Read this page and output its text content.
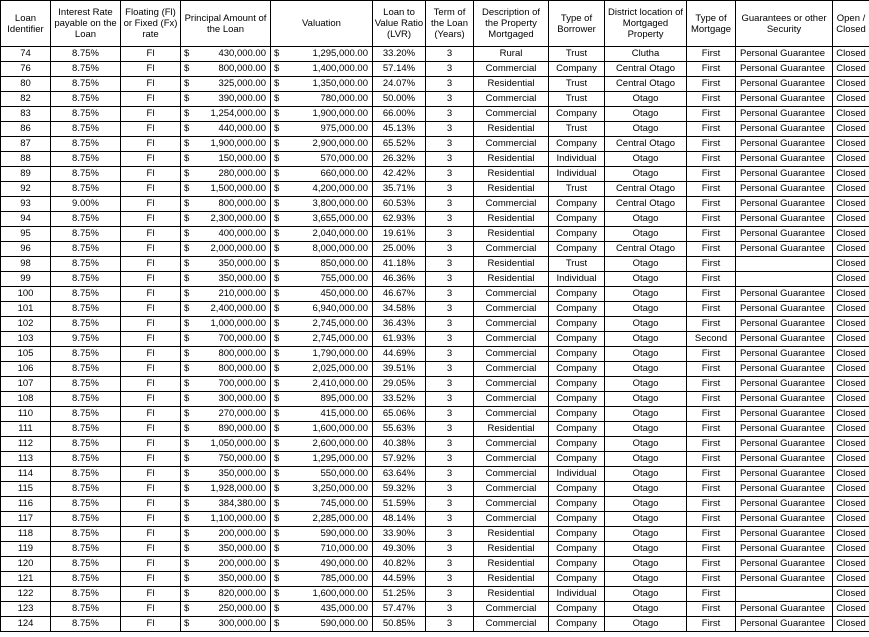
Loan Identifier	Interest Rate payable on the Loan	Floating (Fl) or Fixed (Fx) rate	Principal Amount of the Loan		Valuation		Loan to Value Ratio (LVR)	Term of the Loan (Years)	Description of the Property Mortgaged	Type of Borrower	District location of Mortgaged Property	Type of Mortgage	Guarantees or other Security	Open / Closed
74	8.75%	Fl	$	430,000.00	$	1,295,000.00	33.20%	3	Rural	Trust	Clutha	First	Personal Guarantee	Closed
76	8.75%	Fl	$	800,000.00	$	1,400,000.00	57.14%	3	Commercial	Company	Central Otago	First	Personal Guarantee	Closed
80	8.75%	Fl	$	325,000.00	$	1,350,000.00	24.07%	3	Residential	Trust	Central Otago	First	Personal Guarantee	Closed
82	8.75%	Fl	$	390,000.00	$	780,000.00	50.00%	3	Commercial	Trust	Otago	First	Personal Guarantee	Closed
83	8.75%	Fl	$	1,254,000.00	$	1,900,000.00	66.00%	3	Commercial	Company	Otago	First	Personal Guarantee	Closed
86	8.75%	Fl	$	440,000.00	$	975,000.00	45.13%	3	Residential	Trust	Otago	First	Personal Guarantee	Closed
87	8.75%	Fl	$	1,900,000.00	$	2,900,000.00	65.52%	3	Commercial	Company	Central Otago	First	Personal Guarantee	Closed
88	8.75%	Fl	$	150,000.00	$	570,000.00	26.32%	3	Residential	Individual	Otago	First	Personal Guarantee	Closed
89	8.75%	Fl	$	280,000.00	$	660,000.00	42.42%	3	Residential	Individual	Otago	First	Personal Guarantee	Closed
92	8.75%	Fl	$	1,500,000.00	$	4,200,000.00	35.71%	3	Residential	Trust	Central Otago	First	Personal Guarantee	Closed
93	9.00%	Fl	$	800,000.00	$	3,800,000.00	60.53%	3	Commercial	Company	Central Otago	First	Personal Guarantee	Closed
94	8.75%	Fl	$	2,300,000.00	$	3,655,000.00	62.93%	3	Residential	Company	Otago	First	Personal Guarantee	Closed
95	8.75%	Fl	$	400,000.00	$	2,040,000.00	19.61%	3	Residential	Company	Otago	First	Personal Guarantee	Closed
96	8.75%	Fl	$	2,000,000.00	$	8,000,000.00	25.00%	3	Commercial	Company	Central Otago	First	Personal Guarantee	Closed
98	8.75%	Fl	$	350,000.00	$	850,000.00	41.18%	3	Residential	Trust	Otago	First		Closed
99	8.75%	Fl	$	350,000.00	$	755,000.00	46.36%	3	Residential	Individual	Otago	First		Closed
100	8.75%	Fl	$	210,000.00	$	450,000.00	46.67%	3	Commercial	Company	Otago	First	Personal Guarantee	Closed
101	8.75%	Fl	$	2,400,000.00	$	6,940,000.00	34.58%	3	Commercial	Company	Otago	First	Personal Guarantee	Closed
102	8.75%	Fl	$	1,000,000.00	$	2,745,000.00	36.43%	3	Commercial	Company	Otago	First	Personal Guarantee	Closed
103	9.75%	Fl	$	700,000.00	$	2,745,000.00	61.93%	3	Commercial	Company	Otago	Second	Personal Guarantee	Closed
105	8.75%	Fl	$	800,000.00	$	1,790,000.00	44.69%	3	Commercial	Company	Otago	First	Personal Guarantee	Closed
106	8.75%	Fl	$	800,000.00	$	2,025,000.00	39.51%	3	Commercial	Company	Otago	First	Personal Guarantee	Closed
107	8.75%	Fl	$	700,000.00	$	2,410,000.00	29.05%	3	Commercial	Company	Otago	First	Personal Guarantee	Closed
108	8.75%	Fl	$	300,000.00	$	895,000.00	33.52%	3	Commercial	Company	Otago	First	Personal Guarantee	Closed
110	8.75%	Fl	$	270,000.00	$	415,000.00	65.06%	3	Commercial	Company	Otago	First	Personal Guarantee	Closed
111	8.75%	Fl	$	890,000.00	$	1,600,000.00	55.63%	3	Residential	Company	Otago	First	Personal Guarantee	Closed
112	8.75%	Fl	$	1,050,000.00	$	2,600,000.00	40.38%	3	Commercial	Company	Otago	First	Personal Guarantee	Closed
113	8.75%	Fl	$	750,000.00	$	1,295,000.00	57.92%	3	Commercial	Company	Otago	First	Personal Guarantee	Closed
114	8.75%	Fl	$	350,000.00	$	550,000.00	63.64%	3	Commercial	Individual	Otago	First	Personal Guarantee	Closed
115	8.75%	Fl	$	1,928,000.00	$	3,250,000.00	59.32%	3	Commercial	Company	Otago	First	Personal Guarantee	Closed
116	8.75%	Fl	$	384,380.00	$	745,000.00	51.59%	3	Commercial	Company	Otago	First	Personal Guarantee	Closed
117	8.75%	Fl	$	1,100,000.00	$	2,285,000.00	48.14%	3	Commercial	Company	Otago	First	Personal Guarantee	Closed
118	8.75%	Fl	$	200,000.00	$	590,000.00	33.90%	3	Residential	Company	Otago	First	Personal Guarantee	Closed
119	8.75%	Fl	$	350,000.00	$	710,000.00	49.30%	3	Residential	Company	Otago	First	Personal Guarantee	Closed
120	8.75%	Fl	$	200,000.00	$	490,000.00	40.82%	3	Residential	Company	Otago	First	Personal Guarantee	Closed
121	8.75%	Fl	$	350,000.00	$	785,000.00	44.59%	3	Residential	Company	Otago	First	Personal Guarantee	Closed
122	8.75%	Fl	$	820,000.00	$	1,600,000.00	51.25%	3	Residential	Individual	Otago	First		Closed
123	8.75%	Fl	$	250,000.00	$	435,000.00	57.47%	3	Commercial	Company	Otago	First	Personal Guarantee	Closed
124	8.75%	Fl	$	300,000.00	$	590,000.00	50.85%	3	Commercial	Company	Otago	First	Personal Guarantee	Closed
